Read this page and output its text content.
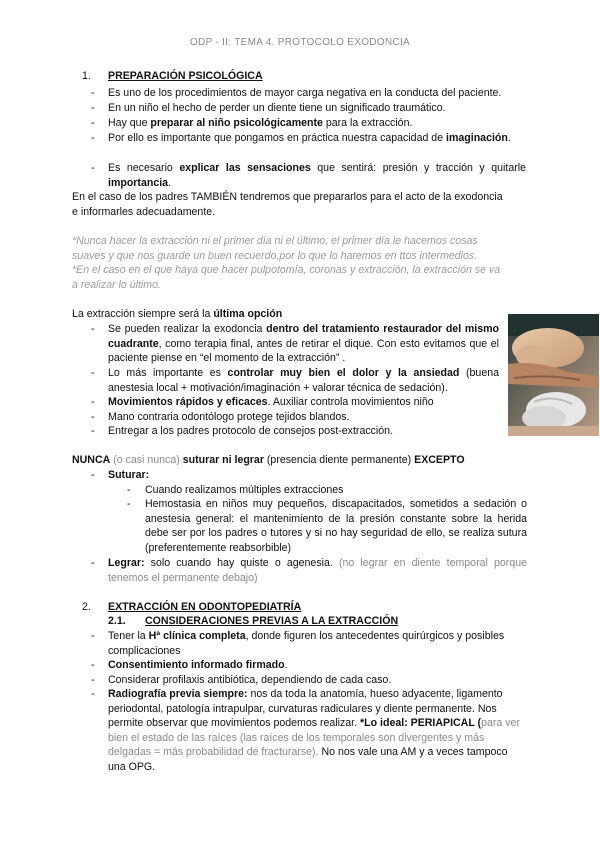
ODP - II: TEMA 4. PROTOCOLO EXODONCIA
1. PREPARACIÓN PSICOLÓGICA
- Es uno de los procedimientos de mayor carga negativa en la conducta del paciente.
- En un niño el hecho de perder un diente tiene un significado traumático.
- Hay que preparar al niño psicológicamente para la extracción.
- Por ello es importante que pongamos en práctica nuestra capacidad de imaginación.
- Es necesario explicar las sensaciones que sentirá: presión y tracción y quitarle importancia.
En el caso de los padres TAMBIÉN tendremos que prepararlos para el acto de la exodoncia
e informarles adecuadamente.
*Nunca hacer la extracción ni el primer día ni el último, el primer día le hacemos cosas
suaves y que nos guarde un buen recuerdo,por lo que lo haremos en ttos intermedios.
*En el caso en el que haya que hacer pulpotomía, coronas y extracción, la extracción se va
a realizar lo último.
La extracción siempre será la última opción
- Se pueden realizar la exodoncia dentro del tratamiento restaurador del mismo cuadrante, como terapia final, antes de retirar el dique. Con esto evitamos que el paciente piense en “el momento de la extracción” .
- Lo más importante es controlar muy bien el dolor y la ansiedad (buena anestesia local + motivación/imaginación + valorar técnica de sedación).
- Movimientos rápidos y eficaces. Auxiliar controla movimientos niño
- Mano contraria odontólogo protege tejidos blandos.
- Entregar a los padres protocolo de consejos post-extracción.
NUNCA (o casi nunca) suturar ni legrar (presencia diente permanente) EXCEPTO
- Suturar:
- Cuando realizamos múltiples extracciones
- Hemostasia en niños muy pequeños, discapacitados, sometidos a sedación o anestesia general: el mantenimiento de la presión constante sobre la herida debe ser por los padres o tutores y si no hay seguridad de ello, se realiza sutura (preferentemente reabsorbible)
- Legrar: solo cuando hay quiste o agenesia. (no legrar en diente temporal porque tenemos el permanente debajo)
2. EXTRACCIÓN EN ODONTOPEDIATRÍA
2.1. CONSIDERACIONES PREVIAS A LA EXTRACCIÓN
- Tener la Hª clínica completa, donde figuren los antecedentes quirúrgicos y posibles complicaciones
- Consentimiento informado firmado.
- Considerar profilaxis antibiótica, dependiendo de cada caso.
- Radiografía previa siempre: nos da toda la anatomía, hueso adyacente, ligamento periodontal, patología intrapulpar, curvaturas radiculares y diente permanente. Nos permite observar que movimientos podemos realizar. *Lo ideal: PERIAPICAL (para ver bien el estado de las raíces (las raíces de los temporales son divergentes y más delgadas = más probabilidad de fracturarse). No nos vale una AM y a veces tampoco una OPG.
